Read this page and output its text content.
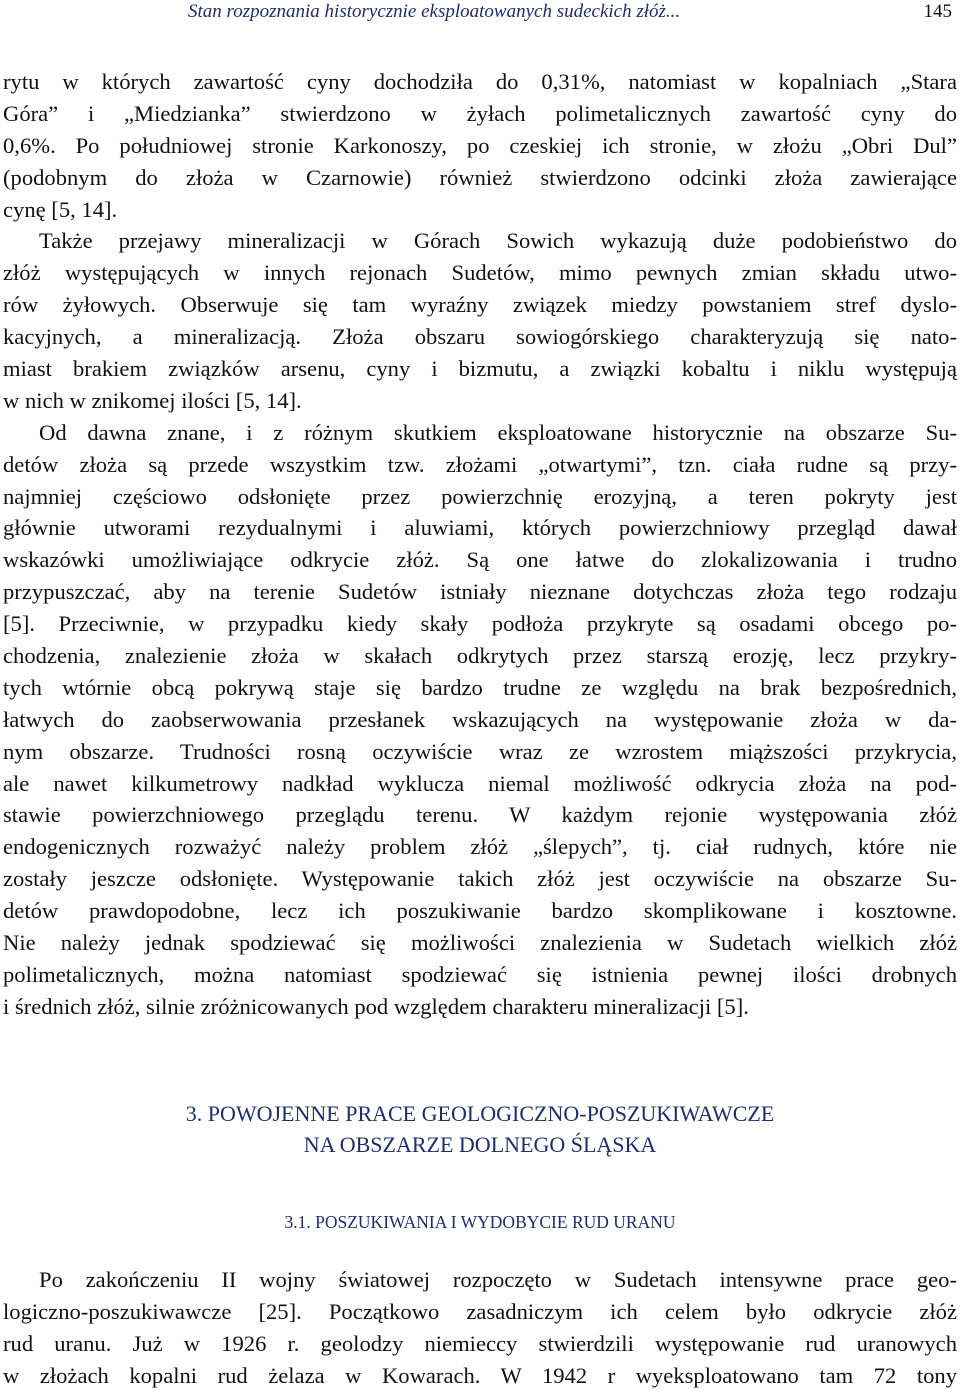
Stan rozpoznania historycznie eksploatowanych sudeckich złóż...	145
rytu w których zawartość cyny dochodziła do 0,31%, natomiast w kopalniach „Stara
Góra” i „Miedzianka” stwierdzono w żyłach polimetalicznych zawartość cyny do
0,6%. Po południowej stronie Karkonoszy, po czeskiej ich stronie, w złożu „Obri Dul”
(podobnym do złoża w Czarnowie) również stwierdzono odcinki złoża zawierające
cynę [5, 14].
Także przejawy mineralizacji w Górach Sowich wykazują duże podobieństwo do
złóż występujących w innych rejonach Sudetów, mimo pewnych zmian składu utwo-
rów żyłowych. Obserwuje się tam wyraźny związek miedzy powstaniem stref dyslo-
kacyjnych, a mineralizacją. Złoża obszaru sowiogórskiego charakteryzują się nato-
miast brakiem związków arsenu, cyny i bizmutu, a związki kobaltu i niklu występują
w nich w znikomej ilości [5, 14].
Od dawna znane, i z różnym skutkiem eksploatowane historycznie na obszarze Su-
detów złoża są przede wszystkim tzw. złożami „otwartymi”, tzn. ciała rudne są przy-
najmniej częściowo odsłonięte przez powierzchnię erozyjną, a teren pokryty jest
głównie utworami rezydualnymi i aluwiami, których powierzchniowy przegląd dawał
wskazówki umożliwiające odkrycie złóż. Są one łatwe do zlokalizowania i trudno
przypuszczać, aby na terenie Sudetów istniały nieznane dotychczas złoża tego rodzaju
[5]. Przeciwnie, w przypadku kiedy skały podłoża przykryte są osadami obcego po-
chodzenia, znalezienie złoża w skałach odkrytych przez starszą erozję, lecz przykry-
tych wtórnie obcą pokrywą staje się bardzo trudne ze względu na brak bezpośrednich,
łatwych do zaobserwowania przesłanek wskazujących na występowanie złoża w da-
nym obszarze. Trudności rosną oczywiście wraz ze wzrostem miąższości przykrycia,
ale nawet kilkumetrowy nadkład wyklucza niemal możliwość odkrycia złoża na pod-
stawie powierzchniowego przeglądu terenu. W każdym rejonie występowania złóż
endogenicznych rozważyć należy problem złóż „ślepych”, tj. ciał rudnych, które nie
zostały jeszcze odsłonięte. Występowanie takich złóż jest oczywiście na obszarze Su-
detów prawdopodobne, lecz ich poszukiwanie bardzo skomplikowane i kosztowne.
Nie należy jednak spodziewać się możliwości znalezienia w Sudetach wielkich złóż
polimetalicznych, można natomiast spodziewać się istnienia pewnej ilości drobnych
i średnich złóż, silnie zróżnicowanych pod względem charakteru mineralizacji [5].
3. POWOJENNE PRACE GEOLOGICZNO-POSZUKIWAWCZE
NA OBSZARZE DOLNEGO ŚLĄSKA
3.1. POSZUKIWANIA I WYDOBYCIE RUD URANU
Po zakończeniu II wojny światowej rozpoczęto w Sudetach intensywne prace geo-
logiczno-poszukiwawcze [25]. Początkowo zasadniczym ich celem było odkrycie złóż
rud uranu. Już w 1926 r. geolodzy niemieccy stwierdzili występowanie rud uranowych
w złożach kopalni rud żelaza w Kowarach. W 1942 r wyeksploatowano tam 72 tony
